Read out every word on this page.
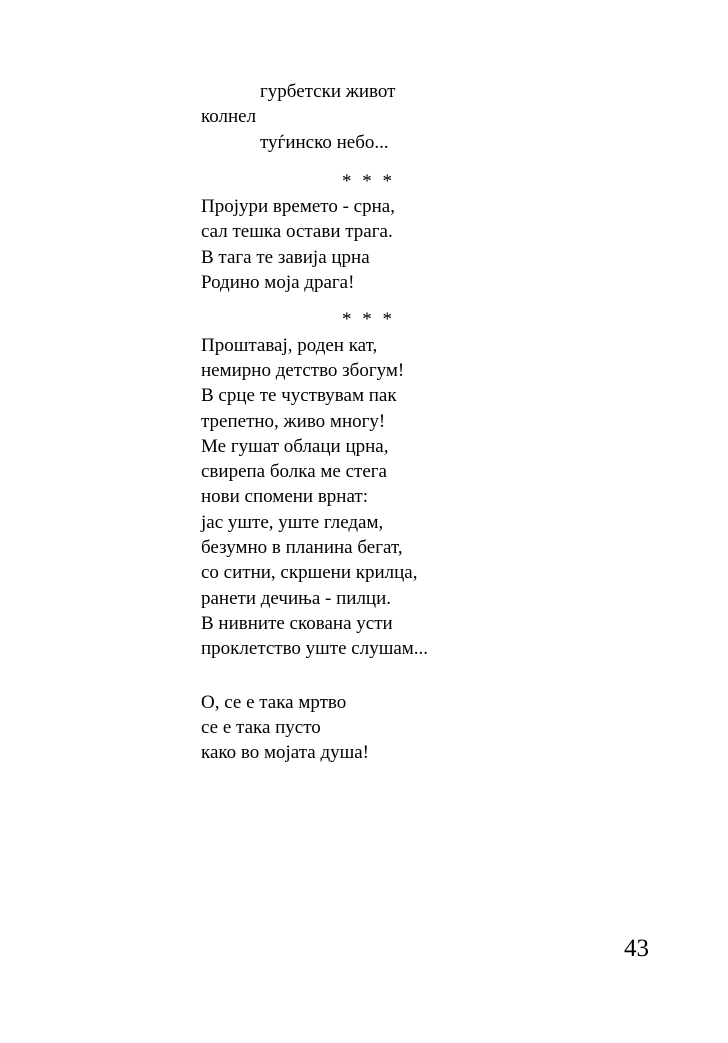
гурбетски живот
колнел
туѓинско небо...
* * *
Пројури времето - срна,
сал тешка остави трага.
В тага те завија црна
Родино моја драга!
* * *
Проштавај, роден кат,
немирно детство збогум!
В срце те чуствувам пак
трепетно, живо многу!
Ме гушат облаци црна,
свирепа болка ме стега
нови спомени врнат:
јас уште, уште гледам,
безумно в планина бегат,
со ситни, скршени крилца,
ранети дечиња - пилци.
В нивните скована усти
проклетство уште слушам...
О, се е така мртво
се е така пусто
како во мојата душа!
43
